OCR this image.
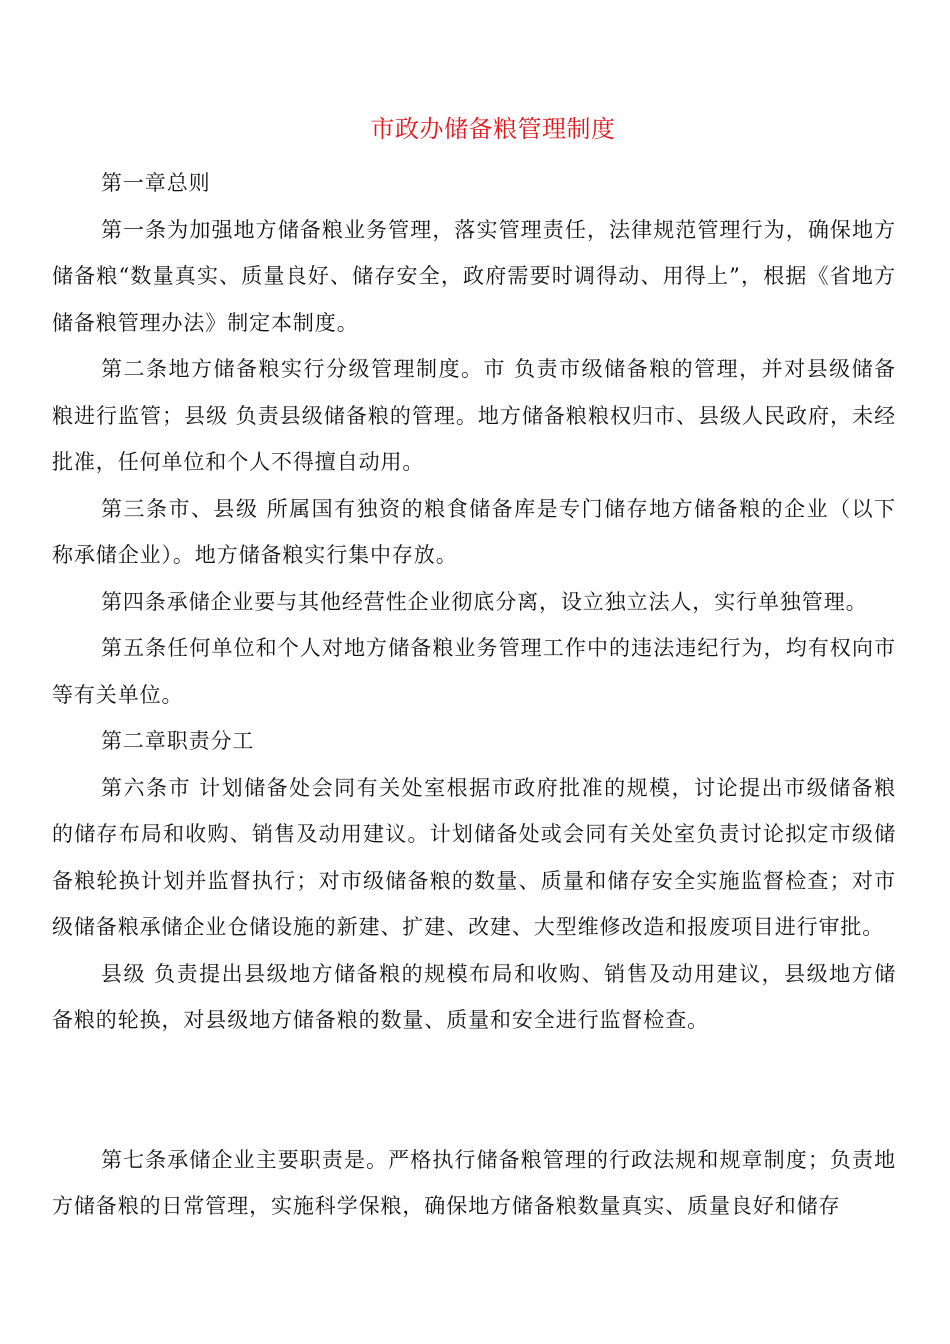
市政办储备粮管理制度

第一章总则

第一条为加强地方储备粮业务管理，落实管理责任，法律规范管理行为，确保地方储备粮“数量真实、质量良好、储存安全，政府需要时调得动、用得上”，根据《省地方储备粮管理办法》制定本制度。

第二条地方储备粮实行分级管理制度。市 负责市级储备粮的管理，并对县级储备粮进行监管；县级 负责县级储备粮的管理。地方储备粮粮权归市、县级人民政府，未经批准，任何单位和个人不得擅自动用。

第三条市、县级 所属国有独资的粮食储备库是专门储存地方储备粮的企业（以下称承储企业）。地方储备粮实行集中存放。

第四条承储企业要与其他经营性企业彻底分离，设立独立法人，实行单独管理。

第五条任何单位和个人对地方储备粮业务管理工作中的违法违纪行为，均有权向市 等有关单位。

第二章职责分工

第六条市 计划储备处会同有关处室根据市政府批准的规模，讨论提出市级储备粮的储存布局和收购、销售及动用建议。计划储备处或会同有关处室负责讨论拟定市级储备粮轮换计划并监督执行；对市级储备粮的数量、质量和储存安全实施监督检查；对市级储备粮承储企业仓储设施的新建、扩建、改建、大型维修改造和报废项目进行审批。

县级 负责提出县级地方储备粮的规模布局和收购、销售及动用建议，县级地方储备粮的轮换，对县级地方储备粮的数量、质量和安全进行监督检查。

第七条承储企业主要职责是。严格执行储备粮管理的行政法规和规章制度；负责地方储备粮的日常管理，实施科学保粮，确保地方储备粮数量真实、质量良好和储存
